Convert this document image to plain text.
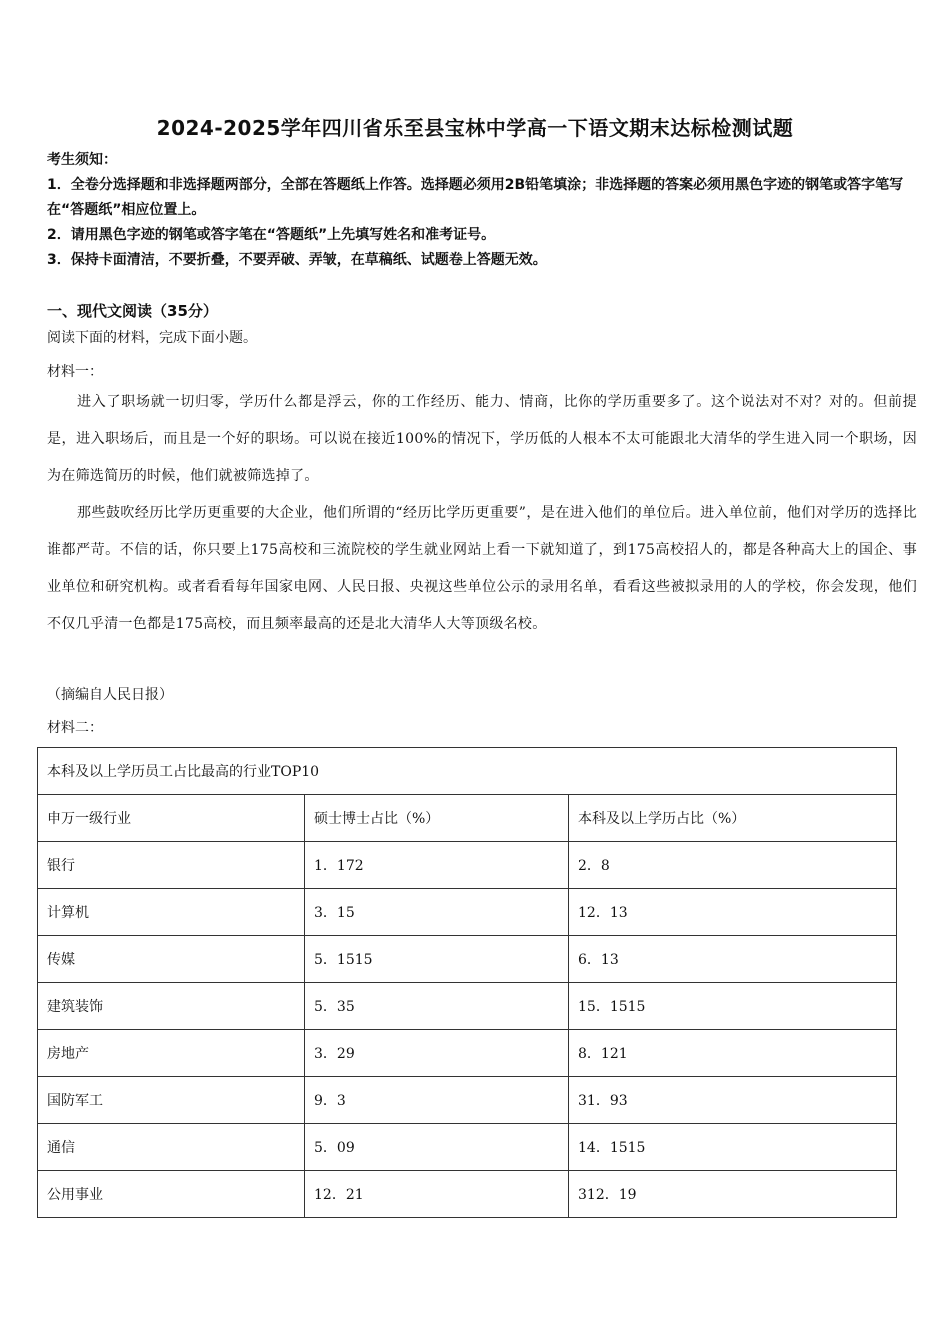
2024-2025学年四川省乐至县宝林中学高一下语文期末达标检测试题

考生须知：

1．全卷分选择题和非选择题两部分，全部在答题纸上作答。选择题必须用2B铅笔填涂；非选择题的答案必须用黑色字迹的钢笔或答字笔写在“答题纸”相应位置上。

2．请用黑色字迹的钢笔或答字笔在“答题纸”上先填写姓名和准考证号。

3．保持卡面清洁，不要折叠，不要弄破、弄皱，在草稿纸、试题卷上答题无效。

一、现代文阅读（35分）
阅读下面的材料，完成下面小题。
材料一：

进入了职场就一切归零，学历什么都是浮云，你的工作经历、能力、情商，比你的学历重要多了。这个说法对不对？对的。但前提是，进入职场后，而且是一个好的职场。可以说在接近100%的情况下，学历低的人根本不太可能跟北大清华的学生进入同一个职场，因为在筛选简历的时候，他们就被筛选掉了。

那些鼓吹经历比学历更重要的大企业，他们所谓的“经历比学历更重要”，是在进入他们的单位后。进入单位前，他们对学历的选择比谁都严苛。不信的话，你只要上175高校和三流院校的学生就业网站上看一下就知道了，到175高校招人的，都是各种高大上的国企、事业单位和研究机构。或者看看每年国家电网、人民日报、央视这些单位公示的录用名单，看看这些被拟录用的人的学校，你会发现，他们不仅几乎清一色都是175高校，而且频率最高的还是北大清华人大等顶级名校。

（摘编自人民日报）
材料二：
本科及以上学历员工占比最高的行业TOP10		
申万一级行业	硕士博士占比（%）	本科及以上学历占比（%）
银行	1．172	2．8
计算机	3．15	12．13
传媒	5．1515	6．13
建筑装饰	5．35	15．1515
房地产	3．29	8．121
国防军工	9．3	31．93
通信	5．09	14．1515
公用事业	12．21	312．19
